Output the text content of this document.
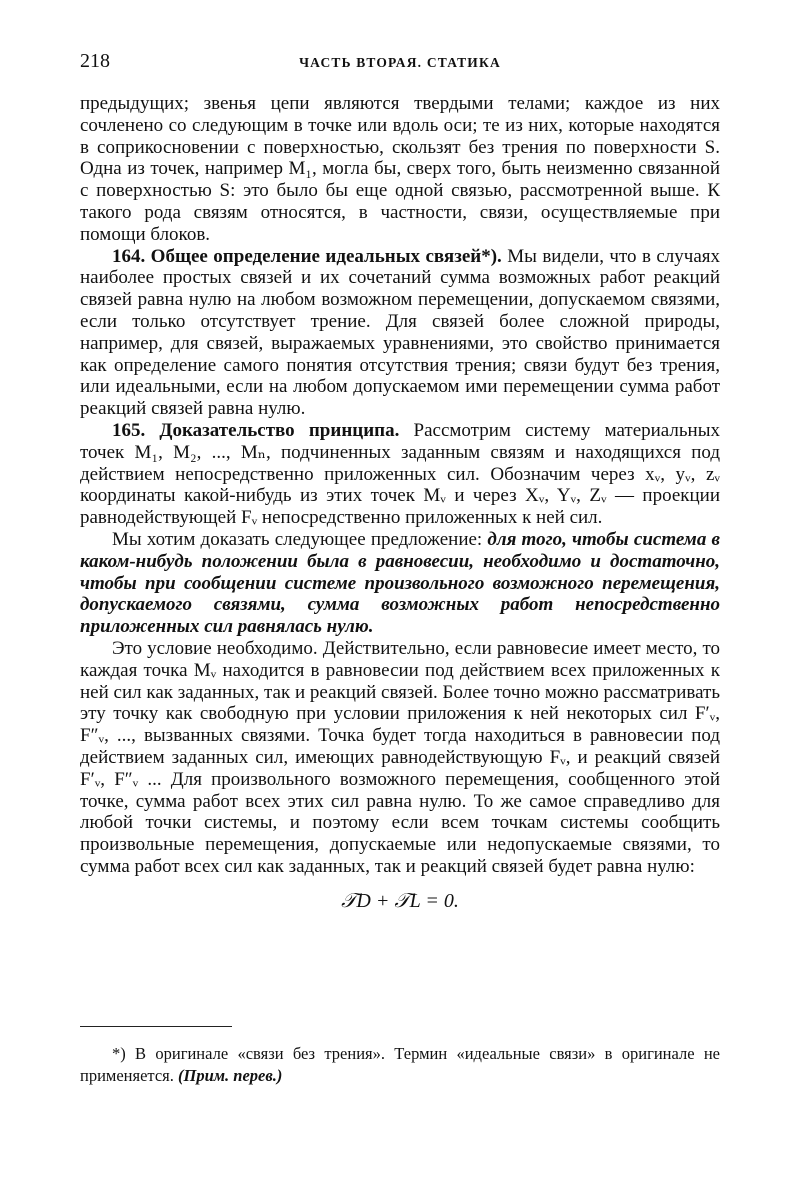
218	ЧАСТЬ ВТОРАЯ. СТАТИКА

предыдущих; звенья цепи являются твердыми телами; каждое из них сочленено со следующим в точке или вдоль оси; те из них, которые находятся в соприкосновении с поверхностью, скользят без трения по поверхности S. Одна из точек, например M₁, могла бы, сверх того, быть неизменно связанной с поверхностью S: это было бы еще одной связью, рассмотренной выше. К такого рода связям относятся, в частности, связи, осуществляемые при помощи блоков.

164. Общее определение идеальных связей*). Мы видели, что в случаях наиболее простых связей и их сочетаний сумма возможных работ реакций связей равна нулю на любом возможном перемещении, допускаемом связями, если только отсутствует трение. Для связей более сложной природы, например, для связей, выражаемых уравнениями, это свойство принимается как определение самого понятия отсутствия трения; связи будут без трения, или идеальными, если на любом допускаемом ими перемещении сумма работ реакций связей равна нулю.

165. Доказательство принципа. Рассмотрим систему материальных точек M₁, M₂, ..., Mₙ, подчиненных заданным связям и находящихся под действием непосредственно приложенных сил. Обозначим через xᵥ, yᵥ, zᵥ координаты какой-нибудь из этих точек Mᵥ и через Xᵥ, Yᵥ, Zᵥ — проекции равнодействующей Fᵥ непосредственно приложенных к ней сил.

Мы хотим доказать следующее предложение: для того, чтобы система в каком-нибудь положении была в равновесии, необходимо и достаточно, чтобы при сообщении системе произвольного возможного перемещения, допускаемого связями, сумма возможных работ непосредственно приложенных сил равнялась нулю.

Это условие необходимо. Действительно, если равновесие имеет место, то каждая точка Mᵥ находится в равновесии под действием всех приложенных к ней сил как заданных, так и реакций связей. Более точно можно рассматривать эту точку как свободную при условии приложения к ней некоторых сил F′ᵥ, F″ᵥ, ..., вызванных связями. Точка будет тогда находиться в равновесии под действием заданных сил, имеющих равнодействующую Fᵥ, и реакций связей F′ᵥ, F″ᵥ ... Для произвольного возможного перемещения, сообщенного этой точке, сумма работ всех этих сил равна нулю. То же самое справедливо для любой точки системы, и поэтому если всем точкам системы сообщить произвольные перемещения, допускаемые или недопускаемые связями, то сумма работ всех сил как заданных, так и реакций связей будет равна нулю:

𝒯D + 𝒯L = 0.
*) В оригинале «связи без трения». Термин «идеальные связи» в оригинале не применяется. (Прим. перев.)
